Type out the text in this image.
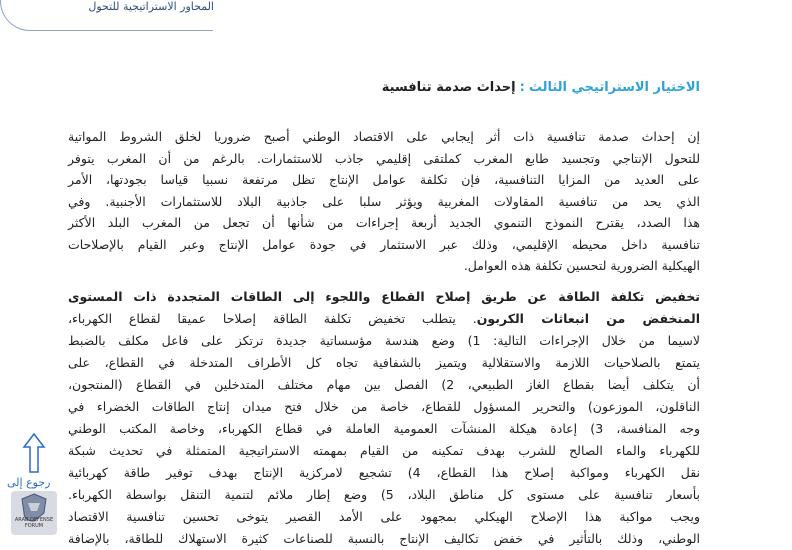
المحاور الاستراتيجية للتحول
الاختيار الاستراتيجي الثالث:إحداث صدمة تنافسية
إن إحداث صدمة تنافسية ذات أثر إيجابي على الاقتصاد الوطني أصبح ضروريا لخلق الشروط المواتية
للتحول الإنتاجي وتجسيد طابع المغرب كملتقى إقليمي جاذب للاستثمارات. بالرغم من أن المغرب يتوفر
على العديد من المزايا التنافسية، فإن تكلفة عوامل الإنتاج تظل مرتفعة نسبيا قياسا بجودتها، الأمر
الذي يحد من تنافسية المقاولات المغربية ويؤثر سلبا على جاذبية البلاد للاستثمارات الأجنبية. وفي
هذا الصدد، يقترح النموذج التنموي الجديد أربعة إجراءات من شأنها أن تجعل من المغرب البلد الأكثر
تنافسية داخل محيطه الإقليمي، وذلك عبر الاستثمار في جودة عوامل الإنتاج وعبر القيام بالإصلاحات
الهيكلية الضرورية لتحسين تكلفة هذه العوامل.
تخفيض تكلفة الطاقة عن طريق إصلاح القطاع واللجوء إلى الطاقات المتجددة ذات المستوى
المنخفض من انبعاثات الكربون. يتطلب تخفيض تكلفة الطاقة إصلاحا عميقا لقطاع الكهرباء،
لاسيما من خلال الإجراءات التالية: 1) وضع هندسة مؤسساتية جديدة ترتكز على فاعل مكلف بالضبط
يتمتع بالصلاحيات اللازمة والاستقلالية ويتميز بالشفافية تجاه كل الأطراف المتدخلة في القطاع، على
أن يتكلف أيضا بقطاع الغاز الطبيعي، 2) الفصل بين مهام مختلف المتدخلين في القطاع (المنتجون،
الناقلون، الموزعون) والتحرير المسؤول للقطاع، خاصة من خلال فتح ميدان إنتاج الطاقات الخضراء في
وجه المنافسة، 3) إعادة هيكلة المنشآت العمومية العاملة في قطاع الكهرباء، وخاصة المكتب الوطني
للكهرباء والماء الصالح للشرب بهدف تمكينه من القيام بمهمته الاستراتيجية المتمثلة في تحديث شبكة
نقل الكهرباء ومواكبة إصلاح هذا القطاع، 4) تشجيع لامركزية الإنتاج بهدف توفير طاقة كهربائية
بأسعار تنافسية على مستوى كل مناطق البلاد، 5) وضع إطار ملائم لتنمية التنقل بواسطة الكهرباء.
ويجب مواكبة هذا الإصلاح الهيكلي بمجهود على الأمد القصير يتوخى تحسين تنافسية الاقتصاد
الوطني، وذلك بالتأثير في خفض تكاليف الإنتاج بالنسبة للصناعات كثيرة الاستهلاك للطاقة، بالإضافة
رجوع إلى
ARAB DEFENSE FORUM
